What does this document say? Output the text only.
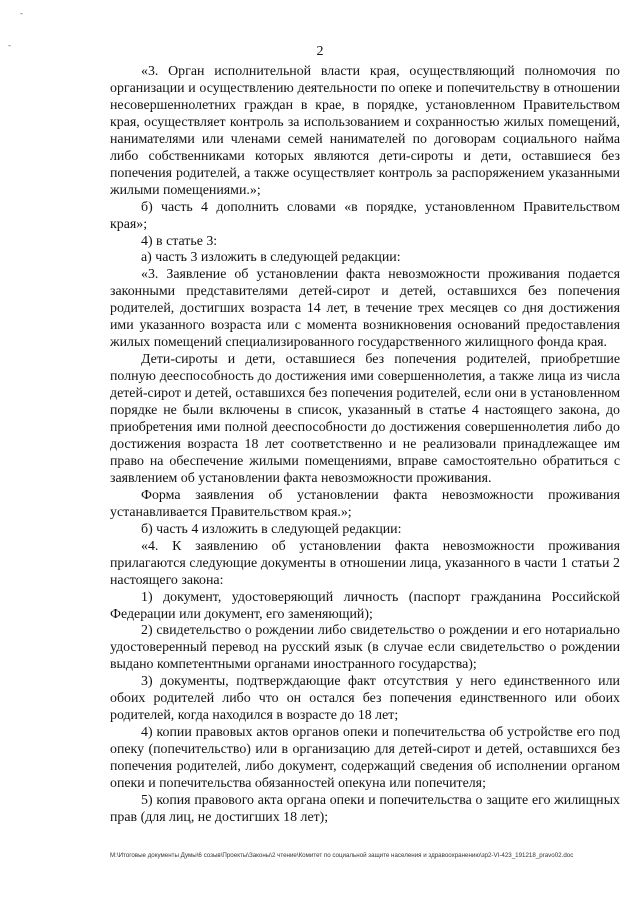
-
-	2

«3. Орган исполнительной власти края, осуществляющий полномочия по организации и осуществлению деятельности по опеке и попечительству в отношении несовершеннолетних граждан в крае, в порядке, установленном Правительством края, осуществляет контроль за использованием и сохранностью жилых помещений, нанимателями или членами семей нанимателей по договорам социального найма либо собственниками которых являются дети-сироты и дети, оставшиеся без попечения родителей, а также осуществляет контроль за распоряжением указанными жилыми помещениями.»;

б) часть 4 дополнить словами «в порядке, установленном Правительством края»;

4) в статье 3:

а) часть 3 изложить в следующей редакции:

«3. Заявление об установлении факта невозможности проживания подается законными представителями детей-сирот и детей, оставшихся без попечения родителей, достигших возраста 14 лет, в течение трех месяцев со дня достижения ими указанного возраста или с момента возникновения оснований предоставления жилых помещений специализированного государственного жилищного фонда края.

Дети-сироты и дети, оставшиеся без попечения родителей, приобретшие полную дееспособность до достижения ими совершеннолетия, а также лица из числа детей-сирот и детей, оставшихся без попечения родителей, если они в установленном порядке не были включены в список, указанный в статье 4 настоящего закона, до приобретения ими полной дееспособности до достижения совершеннолетия либо до достижения возраста 18 лет соответственно и не реализовали принадлежащее им право на обеспечение жилыми помещениями, вправе самостоятельно обратиться с заявлением об установлении факта невозможности проживания.

Форма заявления об установлении факта невозможности проживания устанавливается Правительством края.»;

б) часть 4 изложить в следующей редакции:

«4. К заявлению об установлении факта невозможности проживания прилагаются следующие документы в отношении лица, указанного в части 1 статьи 2 настоящего закона:

1) документ, удостоверяющий личность (паспорт гражданина Российской Федерации или документ, его заменяющий);

2) свидетельство о рождении либо свидетельство о рождении и его нотариально удостоверенный перевод на русский язык (в случае если свидетельство о рождении выдано компетентными органами иностранного государства);

3) документы, подтверждающие факт отсутствия у него единственного или обоих родителей либо что он остался без попечения единственного или обоих родителей, когда находился в возрасте до 18 лет;

4) копии правовых актов органов опеки и попечительства об устройстве его под опеку (попечительство) или в организацию для детей-сирот и детей, оставшихся без попечения родителей, либо документ, содержащий сведения об исполнении органом опеки и попечительства обязанностей опекуна или попечителя;

5) копия правового акта органа опеки и попечительства о защите его жилищных прав (для лиц, не достигших 18 лет);

M:\Итоговые документы Думы\6 созыв\Проекты\Законы\2 чтение\Комитет по социальной защите населения и здравоохранению\зр2-VI-423_191218_pravo02.doc
